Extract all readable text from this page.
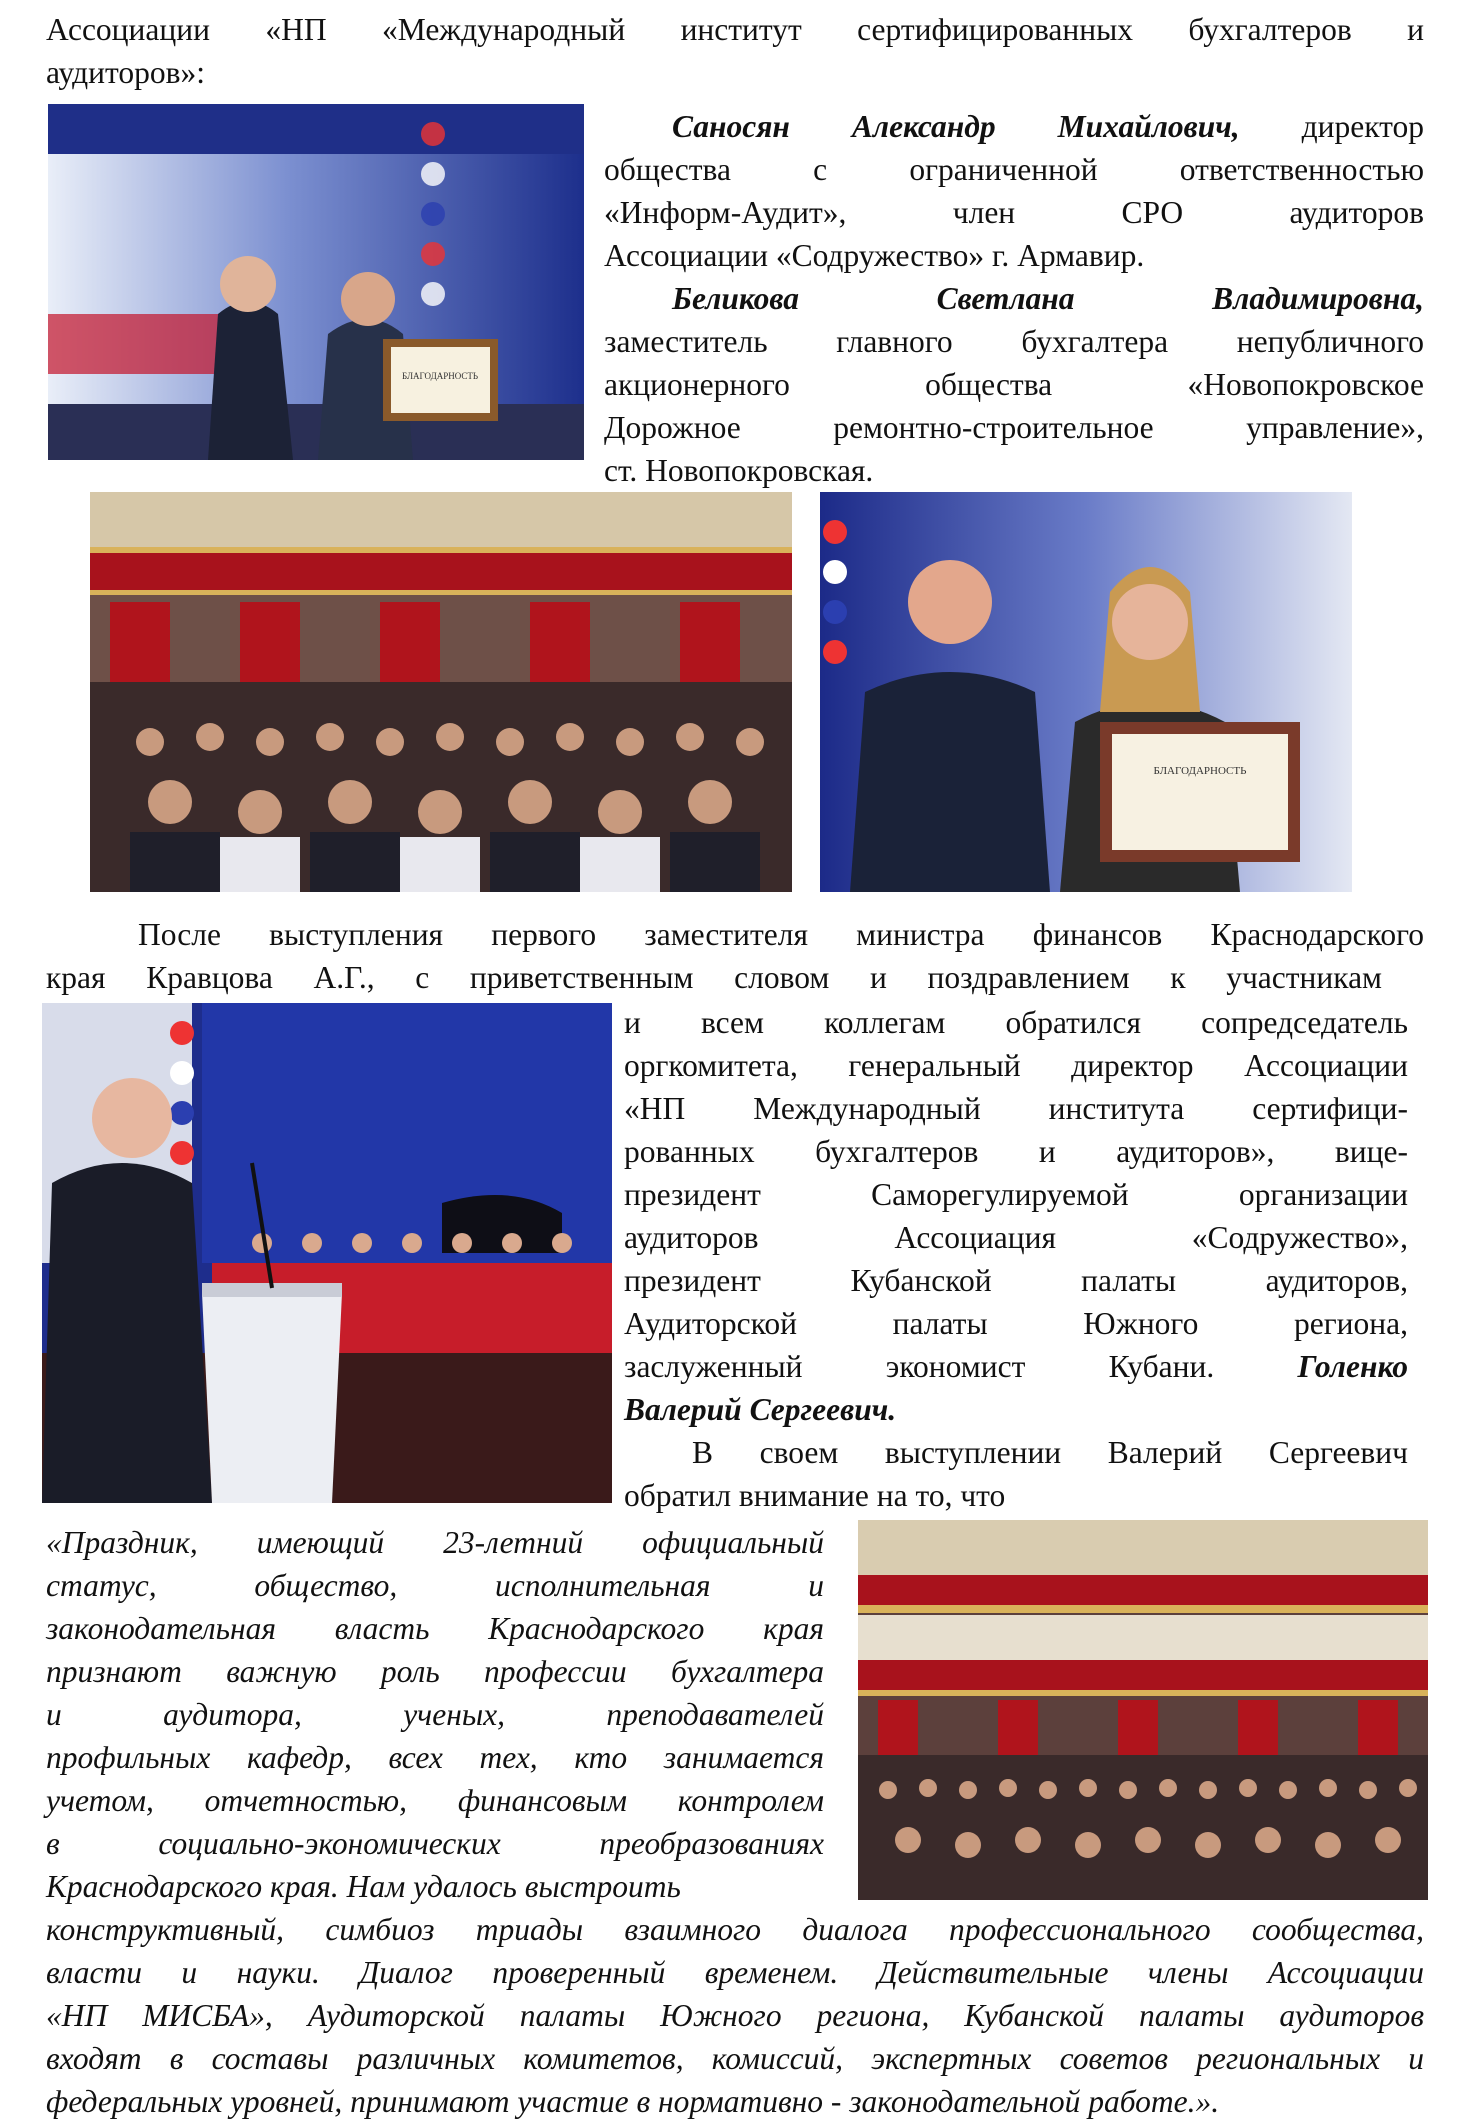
Ассоциации «НП «Международный институт сертифицированных бухгалтеров и

аудиторов»:

БЛАГОДАРНОСТЬ

Саносян Александр Михайлович, директор

общества с ограниченной ответственностью

«Информ-Аудит», член СРО аудиторов

Ассоциации «Содружество» г. Армавир.

Беликова Светлана Владимировна,

заместитель главного бухгалтера непубличного

акционерного общества «Новопокровское

Дорожное ремонтно-строительное управление»,

ст. Новопокровская.

БЛАГОДАРНОСТЬ

После выступления первого заместителя министра финансов Краснодарского

края Кравцова А.Г., с приветственным словом и поздравлением к участникам

и всем коллегам обратился сопредседатель

оргкомитета, генеральный директор Ассоциации

«НП Международный института сертифици-

рованных бухгалтеров и аудиторов», вице-

президент Саморегулируемой организации

аудиторов Ассоциация «Содружество»,

президент Кубанской палаты аудиторов,

Аудиторской палаты Южного региона,

заслуженный экономист Кубани.	Голенко

Валерий Сергеевич.

В своем выступлении Валерий Сергеевич

обратил внимание на то, что

«Праздник, имеющий 23-летний официальный

статус, общество, исполнительная и

законодательная власть Краснодарского края

признают важную роль профессии бухгалтера

и аудитора, ученых, преподавателей

профильных кафедр, всех тех, кто занимается

учетом, отчетностью, финансовым контролем

в социально-экономических преобразованиях

Краснодарского края. Нам удалось выстроить

конструктивный, симбиоз триады взаимного диалога профессионального сообщества,

власти и науки. Диалог проверенный временем. Действительные члены Ассоциации

«НП МИСБА», Аудиторской палаты Южного региона, Кубанской палаты аудиторов

входят в составы различных комитетов, комиссий, экспертных советов региональных и

федеральных уровней, принимают участие в нормативно - законодательной работе.».
